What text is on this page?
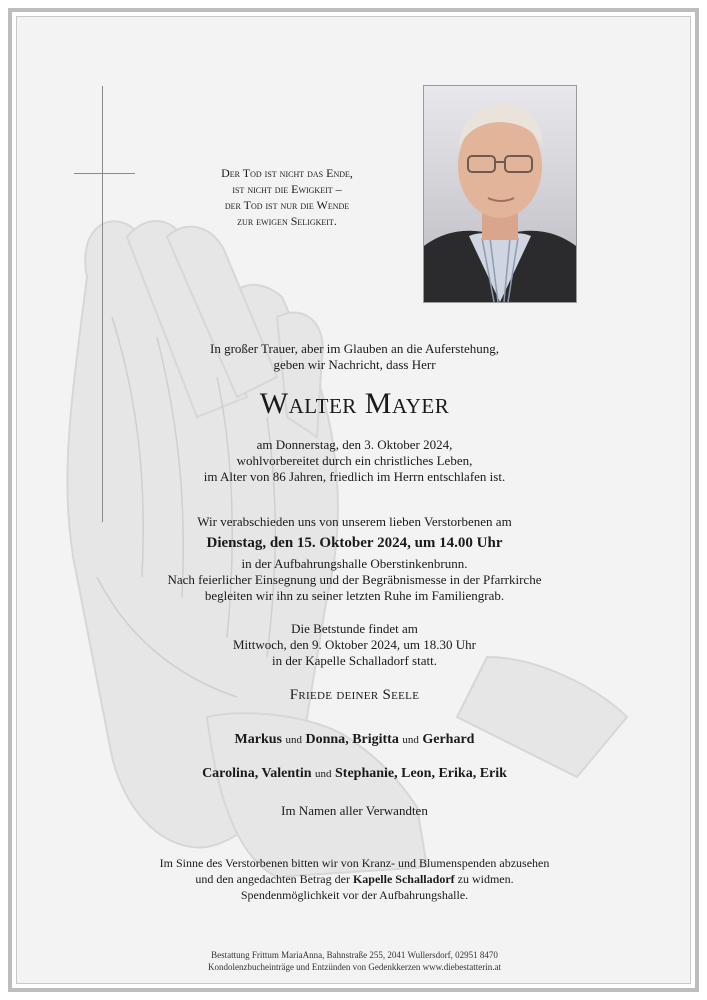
Der Tod ist nicht das Ende,
ist nicht die Ewigkeit –
der Tod ist nur die Wende
zur ewigen Seligkeit.
In großer Trauer, aber im Glauben an die Auferstehung,
geben wir Nachricht, dass Herr
Walter Mayer
am Donnerstag, den 3. Oktober 2024,
wohlvorbereitet durch ein christliches Leben,
im Alter von 86 Jahren, friedlich im Herrn entschlafen ist.
Wir verabschieden uns von unserem lieben Verstorbenen am
Dienstag, den 15. Oktober 2024, um 14.00 Uhr
in der Aufbahrungshalle Oberstinkenbrunn.
Nach feierlicher Einsegnung und der Begräbnismesse in der Pfarrkirche
begleiten wir ihn zu seiner letzten Ruhe im Familiengrab.
Die Betstunde findet am
Mittwoch, den 9. Oktober 2024, um 18.30 Uhr
in der Kapelle Schalladorf statt.
Friede deiner Seele
Markus und Donna, Brigitta und Gerhard
Carolina, Valentin und Stephanie, Leon, Erika, Erik
Im Namen aller Verwandten
Im Sinne des Verstorbenen bitten wir von Kranz- und Blumenspenden abzusehen
und den angedachten Betrag der Kapelle Schalladorf zu widmen.
Spendenmöglichkeit vor der Aufbahrungshalle.
Bestattung Frittum MariaAnna, Bahnstraße 255, 2041 Wullersdorf, 02951 8470
Kondolenzbucheinträge und Entzünden von Gedenkkerzen www.diebestatterin.at
